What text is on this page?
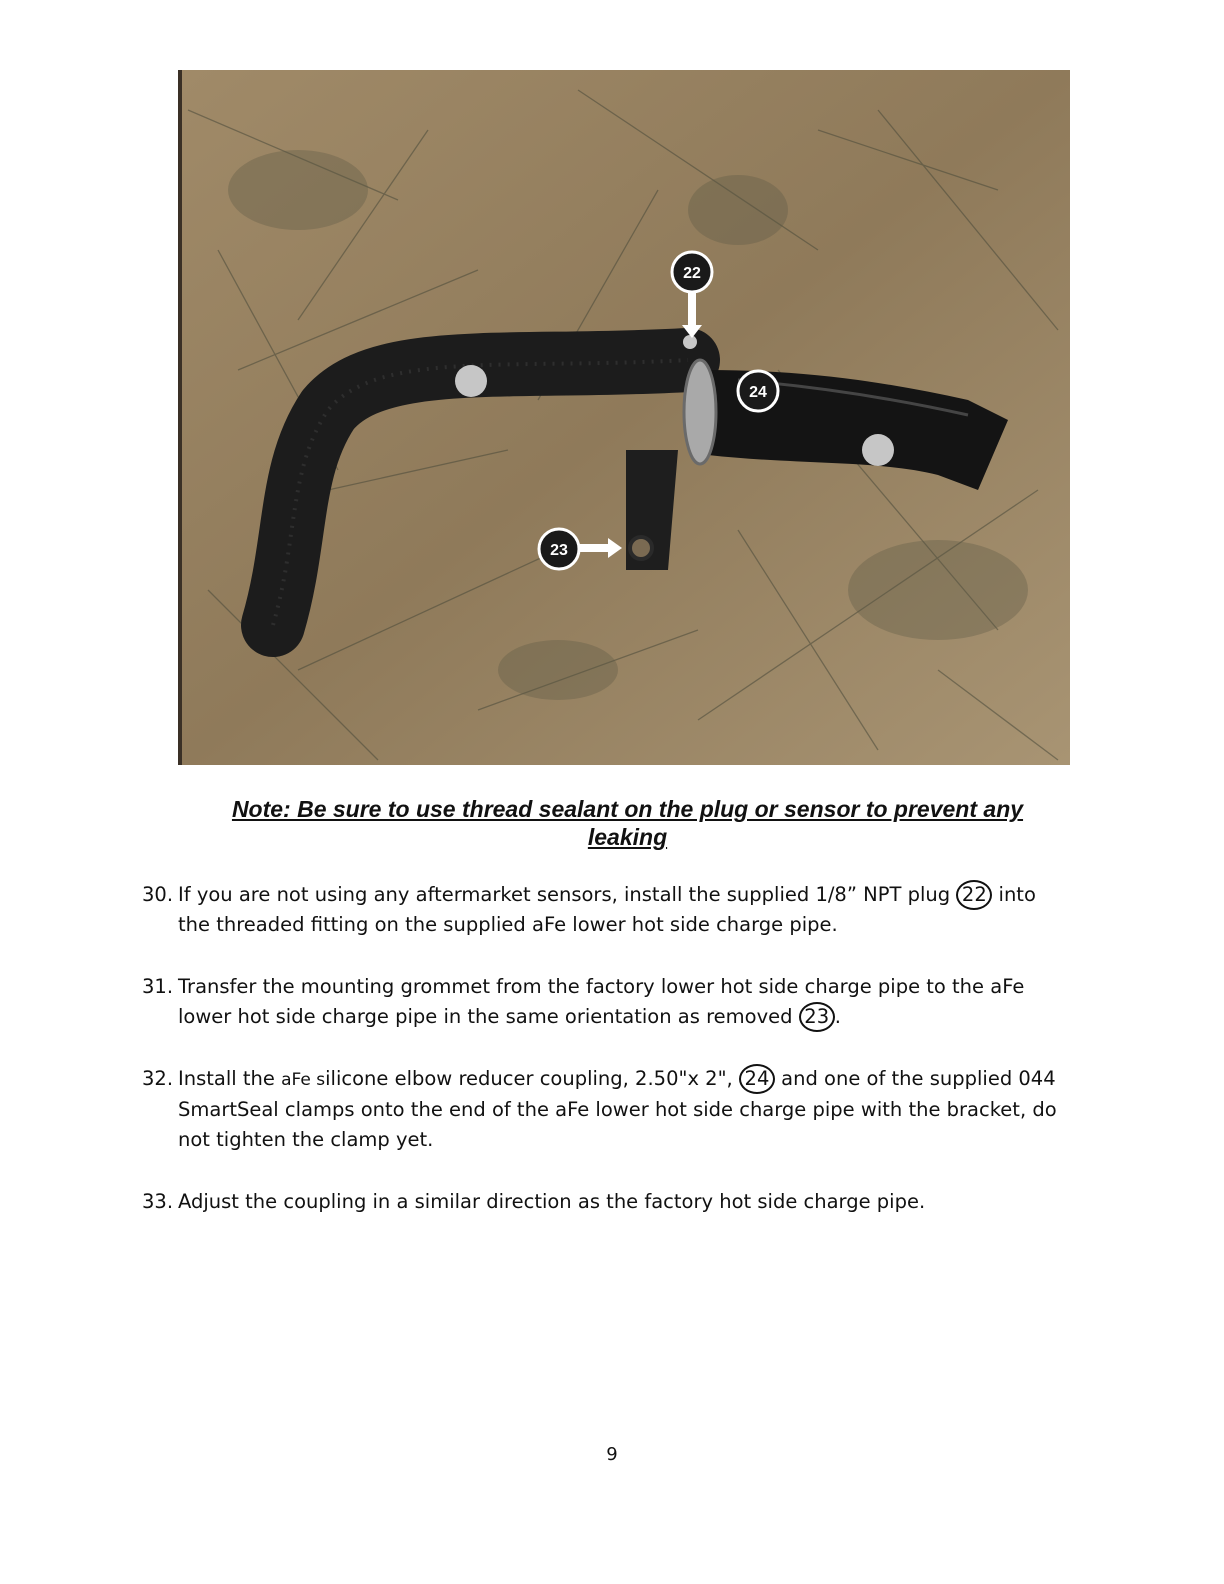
22
24
23
Note: Be sure to use thread sealant on the plug or sensor to prevent any leaking
30. If you are not using any aftermarket sensors, install the supplied 1/8” NPT plug 22 into the threaded fitting on the supplied aFe lower hot side charge pipe.
31. Transfer the mounting grommet from the factory lower hot side charge pipe to the aFe lower hot side charge pipe in the same orientation as removed 23 .
32. Install the aFe silicone elbow reducer coupling, 2.50"x 2", 24 and one of the supplied 044 SmartSeal clamps onto the end of the aFe lower hot side charge pipe with the bracket, do not tighten the clamp yet.
33. Adjust the coupling in a similar direction as the factory hot side charge pipe.
9
